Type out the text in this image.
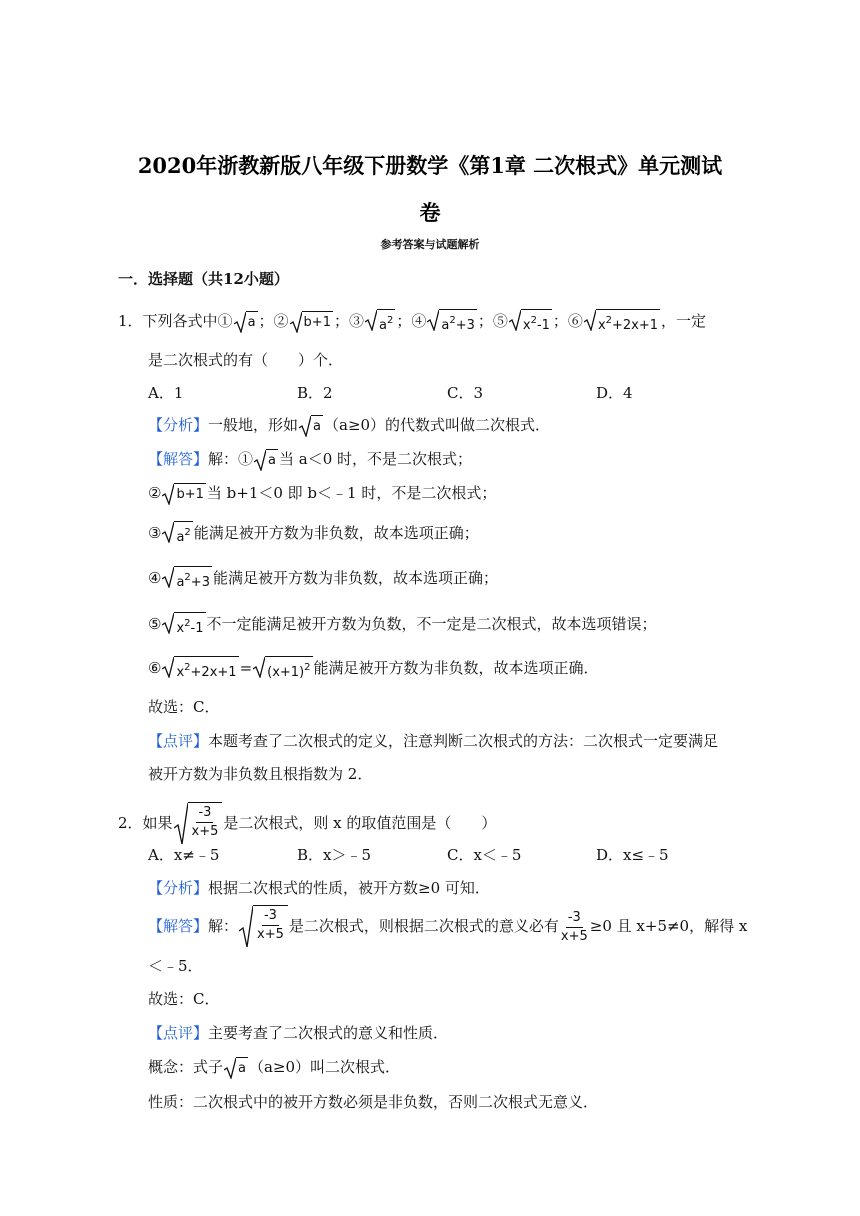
2020年浙教新版八年级下册数学《第1章 二次根式》单元测试
卷
参考答案与试题解析
一．选择题（共12小题）
1．下列各式中① a ；② b+1 ；③ $a^2$ ；④ $a^2+3$ ；⑤ $x^2-1$ ；⑥ $x^2+2x+1$ ，一定
是二次根式的有（　　）个．
A．1	B．2	C．3	D．4
【分析】一般地，形如 a （a≥0）的代数式叫做二次根式．
【解答】解：① a 当 a＜0 时，不是二次根式；
② b+1 当 b+1＜0 即 b＜﹣1 时，不是二次根式；
③ $a^2$ 能满足被开方数为非负数，故本选项正确；
④ $a^2+3$ 能满足被开方数为非负数，故本选项正确；
⑤ $x^2-1$ 不一定能满足被开方数为负数，不一定是二次根式，故本选项错误；
⑥ $x^2+2x+1 = (x+1)^2$ 能满足被开方数为非负数，故本选项正确．
故选：C．
【点评】本题考查了二次根式的定义，注意判断二次根式的方法：二次根式一定要满足
被开方数为非负数且根指数为 2．
2．如果 $\frac{-3}{x+5}$ 是二次根式，则 x 的取值范围是（　　）
A．x≠﹣5	B．x＞﹣5	C．x＜﹣5	D．x≤﹣5
【分析】根据二次根式的性质，被开方数≥0 可知．
【解答】解： $\frac{-3}{x+5}$ 是二次根式，则根据二次根式的意义必有 $\frac{-3}{x+5} \ge 0$ 且 x+5≠0，解得 x
＜﹣5．
故选：C．
【点评】主要考查了二次根式的意义和性质．
概念：式子 a （a≥0）叫二次根式．
性质：二次根式中的被开方数必须是非负数，否则二次根式无意义．
